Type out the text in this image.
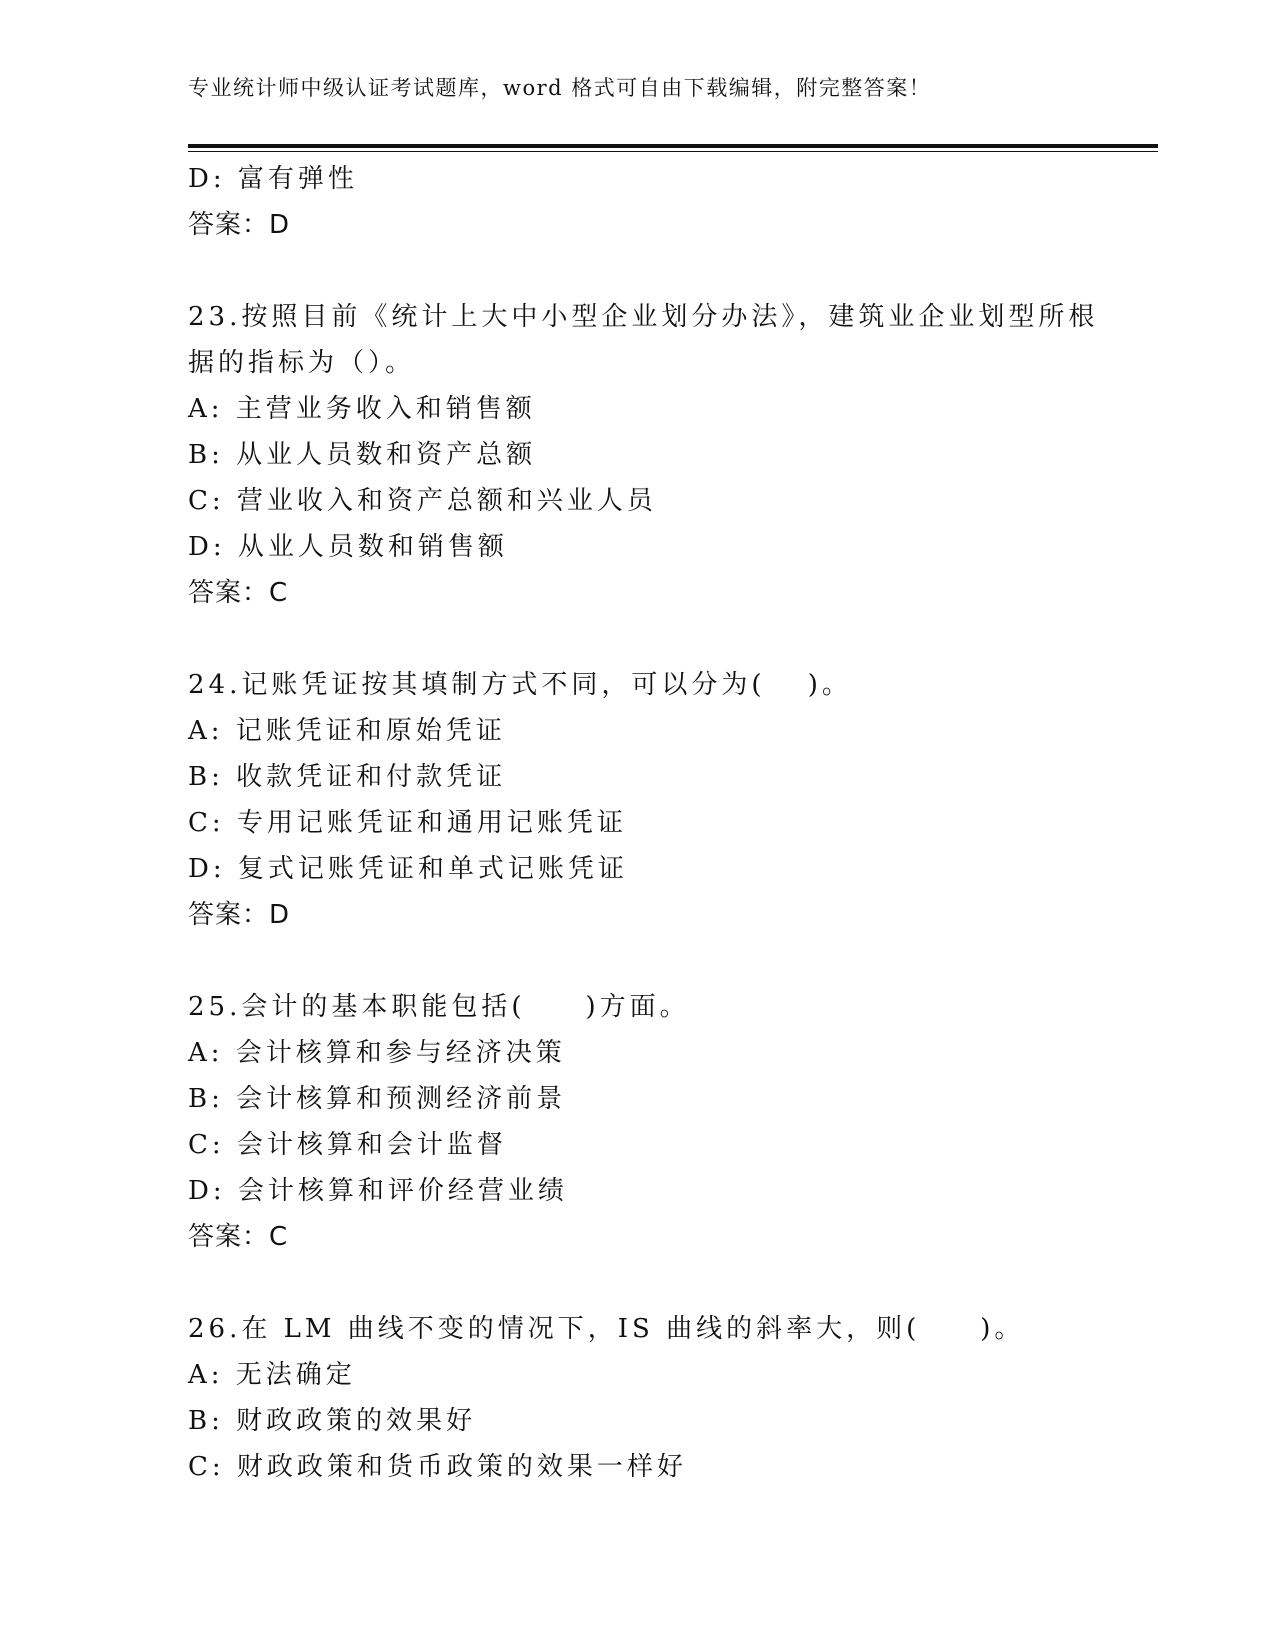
专业统计师中级认证考试题库，word 格式可自由下载编辑，附完整答案！
D: 富有弹性
答案：D
23.按照目前《统计上大中小型企业划分办法》，建筑业企业划型所根
据的指标为（）。
A: 主营业务收入和销售额
B: 从业人员数和资产总额
C: 营业收入和资产总额和兴业人员
D: 从业人员数和销售额
答案：C
24.记账凭证按其填制方式不同，可以分为(　 )。
A: 记账凭证和原始凭证
B: 收款凭证和付款凭证
C: 专用记账凭证和通用记账凭证
D: 复式记账凭证和单式记账凭证
答案：D
25.会计的基本职能包括(　　)方面。
A: 会计核算和参与经济决策
B: 会计核算和预测经济前景
C: 会计核算和会计监督
D: 会计核算和评价经营业绩
答案：C
26.在 LM 曲线不变的情况下，IS 曲线的斜率大，则(　　)。
A: 无法确定
B: 财政政策的效果好
C: 财政政策和货币政策的效果一样好
